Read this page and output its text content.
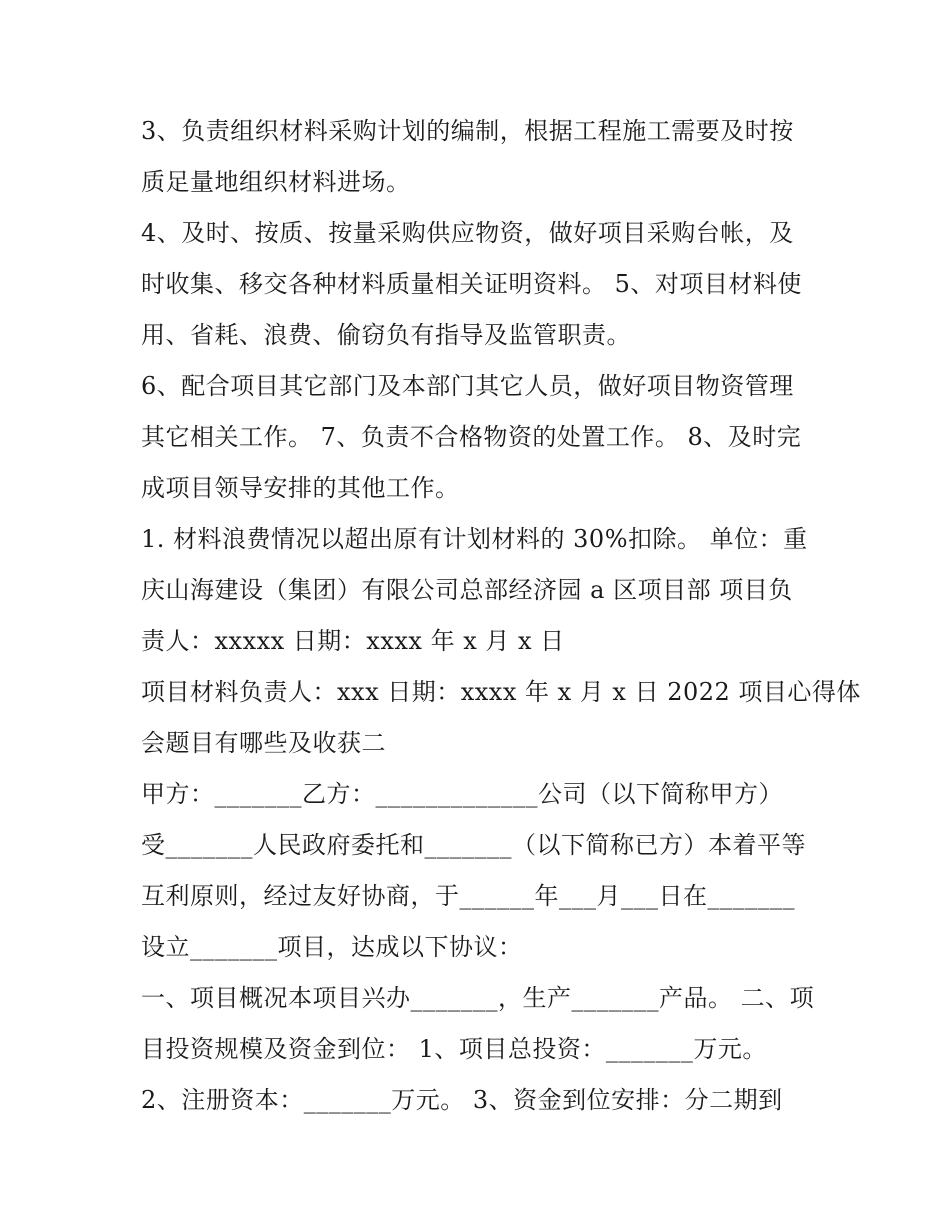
3、负责组织材料采购计划的编制，根据工程施工需要及时按
质足量地组织材料进场。
4、及时、按质、按量采购供应物资，做好项目采购台帐，及
时收集、移交各种材料质量相关证明资料。 5、对项目材料使
用、省耗、浪费、偷窃负有指导及监管职责。
6、配合项目其它部门及本部门其它人员，做好项目物资管理
其它相关工作。 7、负责不合格物资的处置工作。 8、及时完
成项目领导安排的其他工作。
1. 材料浪费情况以超出原有计划材料的 30%扣除。 单位：重
庆山海建设（集团）有限公司总部经济园 a 区项目部 项目负
责人：xxxxx 日期：xxxx 年 x 月 x 日
项目材料负责人：xxx 日期：xxxx 年 x 月 x 日 2022 项目心得体
会题目有哪些及收获二
甲方：_______乙方：_____________公司（以下简称甲方）
受_______人民政府委托和_______（以下简称已方）本着平等
互利原则，经过友好协商，于______年___月___日在_______
设立_______项目，达成以下协议：
一、项目概况本项目兴办_______，生产_______产品。 二、项
目投资规模及资金到位： 1、项目总投资：_______万元。
2、注册资本：_______万元。 3、资金到位安排：分二期到
